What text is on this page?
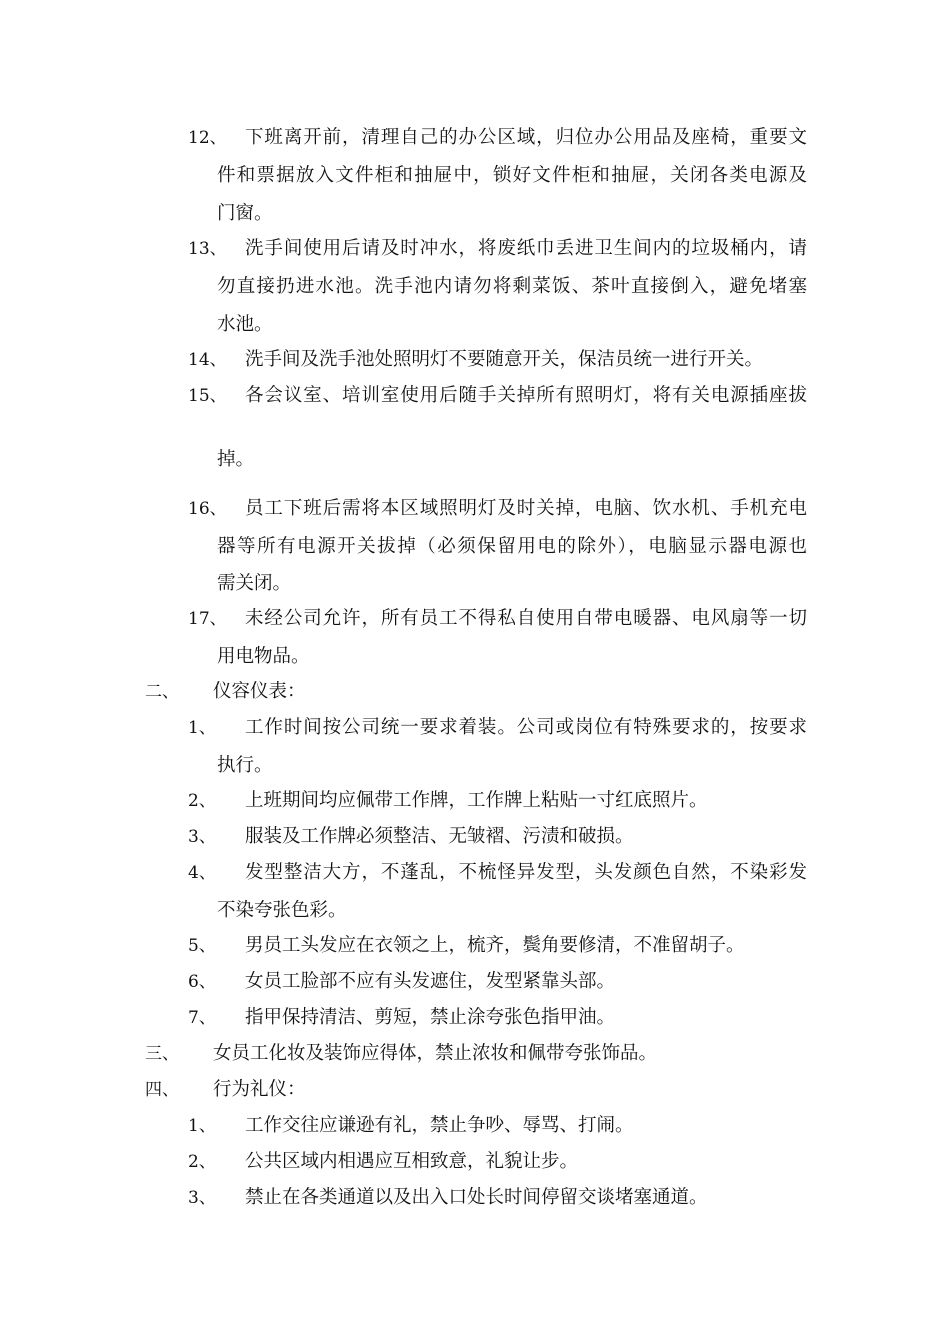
12、 下班离开前，清理自己的办公区域，归位办公用品及座椅，重要文
件和票据放入文件柜和抽屉中，锁好文件柜和抽屉，关闭各类电源及
门窗。
13、 洗手间使用后请及时冲水，将废纸巾丢进卫生间内的垃圾桶内，请
勿直接扔进水池。洗手池内请勿将剩菜饭、茶叶直接倒入，避免堵塞
水池。
14、 洗手间及洗手池处照明灯不要随意开关，保洁员统一进行开关。
15、 各会议室、培训室使用后随手关掉所有照明灯，将有关电源插座拔
掉。
16、 员工下班后需将本区域照明灯及时关掉，电脑、饮水机、手机充电
器等所有电源开关拔掉（必须保留用电的除外），电脑显示器电源也
需关闭。
17、 未经公司允许，所有员工不得私自使用自带电暖器、电风扇等一切
用电物品。
二、 仪容仪表：
1、 工作时间按公司统一要求着装。公司或岗位有特殊要求的，按要求
执行。
2、 上班期间均应佩带工作牌，工作牌上粘贴一寸红底照片。
3、 服装及工作牌必须整洁、无皱褶、污渍和破损。
4、 发型整洁大方，不蓬乱，不梳怪异发型，头发颜色自然，不染彩发
不染夸张色彩。
5、 男员工头发应在衣领之上，梳齐，鬓角要修清，不准留胡子。
6、 女员工脸部不应有头发遮住，发型紧靠头部。
7、 指甲保持清洁、剪短，禁止涂夸张色指甲油。
三、 女员工化妆及装饰应得体，禁止浓妆和佩带夸张饰品。
四、 行为礼仪：
1、 工作交往应谦逊有礼，禁止争吵、辱骂、打闹。
2、 公共区域内相遇应互相致意，礼貌让步。
3、 禁止在各类通道以及出入口处长时间停留交谈堵塞通道。
